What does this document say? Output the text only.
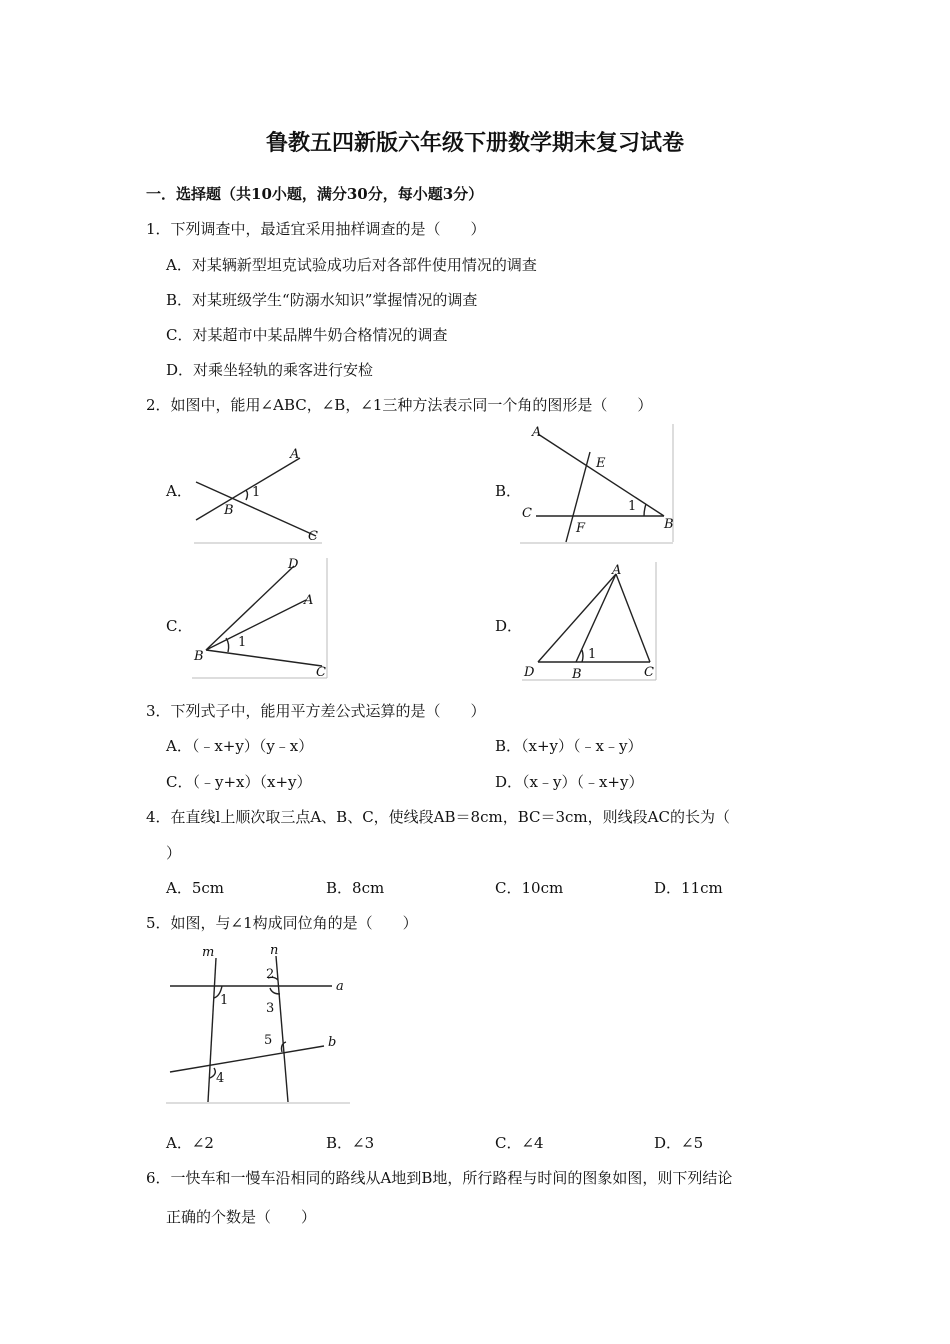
鲁教五四新版六年级下册数学期末复习试卷
一．选择题（共10小题，满分30分，每小题3分）
1．下列调查中，最适宜采用抽样调查的是（　　）
A．对某辆新型坦克试验成功后对各部件使用情况的调查
B．对某班级学生“防溺水知识”掌握情况的调查
C．对某超市中某品牌牛奶合格情况的调查
D．对乘坐轻轨的乘客进行安检
2．如图中，能用∠ABC，∠B，∠1三种方法表示同一个角的图形是（　　）
A．	B．
C．	D．
A
1
B
C
A
E
C
F	B
1
D
A
B
C
1
A
D	B	C
1
3．下列式子中，能用平方差公式运算的是（　　）
A．（﹣x+y）（y﹣x）	B．（x+y）（﹣x﹣y）
C．（﹣y+x）（x+y）	D．（x﹣y）（﹣x+y）
4．在直线l上顺次取三点A、B、C，使线段AB＝8cm，BC＝3cm，则线段AC的长为（
）
A．5cm	B．8cm	C．10cm	D．11cm
5．如图，与∠1构成同位角的是（　　）
m	n
a
b
1
2
3
4
5
A．∠2	B．∠3	C．∠4	D．∠5
6．一快车和一慢车沿相同的路线从A地到B地，所行路程与时间的图象如图，则下列结论
正确的个数是（　　）
